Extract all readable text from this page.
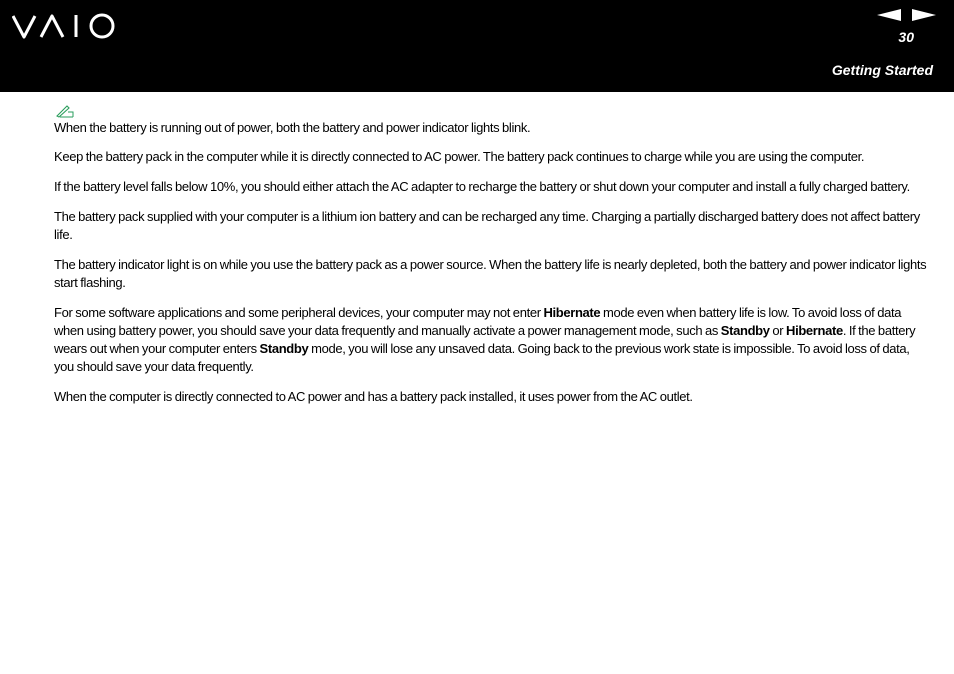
30
Getting Started

When the battery is running out of power, both the battery and power indicator lights blink.

Keep the battery pack in the computer while it is directly connected to AC power. The battery pack continues to charge while you are using the computer.

If the battery level falls below 10%, you should either attach the AC adapter to recharge the battery or shut down your computer and install a fully charged battery.

The battery pack supplied with your computer is a lithium ion battery and can be recharged any time. Charging a partially discharged battery does not affect battery life.

The battery indicator light is on while you use the battery pack as a power source. When the battery life is nearly depleted, both the battery and power indicator lights start flashing.

For some software applications and some peripheral devices, your computer may not enter Hibernate mode even when battery life is low. To avoid loss of data when using battery power, you should save your data frequently and manually activate a power management mode, such as Standby or Hibernate. If the battery wears out when your computer enters Standby mode, you will lose any unsaved data. Going back to the previous work state is impossible. To avoid loss of data, you should save your data frequently.

When the computer is directly connected to AC power and has a battery pack installed, it uses power from the AC outlet.
